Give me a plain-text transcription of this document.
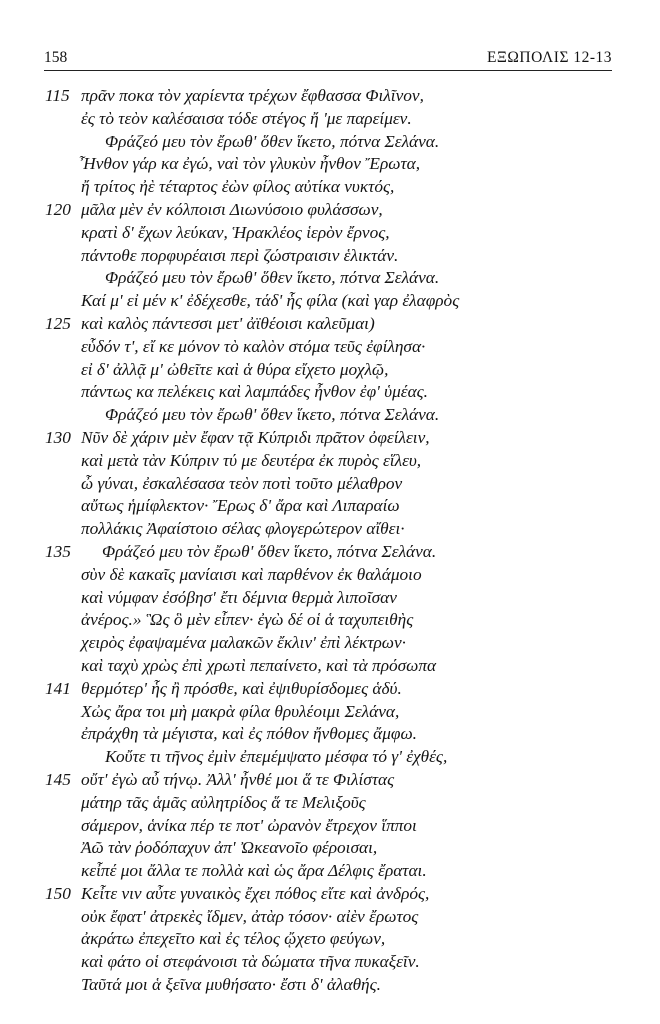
158	ΕΞΩΠΟΛΙΣ 12-13
115 πρᾶν ποκα τὸν χαρίεντα τρέχων ἔφθασσα Φιλῖνον,
ἐς τὸ τεὸν καλέσαισα τόδε στέγος ἤ 'με παρείμεν.
Φράζεό μευ τὸν ἔρωθ' ὅθεν ἵκετο, πότνα Σελάνα.
Ἦνθον γάρ κα ἐγώ, ναὶ τὸν γλυκὺν ἦνθον Ἔρωτα,
ἤ τρίτος ἠὲ τέταρτος ἐὼν φίλος αὐτίκα νυκτός,
120 μᾶλα μὲν ἐν κόλποισι Διωνύσοιο φυλάσσων,
κρατὶ δ' ἔχων λεύκαν, Ἡρακλέος ἱερὸν ἔρνος,
πάντοθε πορφυρέαισι περὶ ζώστραισιν ἑλικτάν.
Φράζεό μευ τὸν ἔρωθ' ὅθεν ἵκετο, πότνα Σελάνα.
Καί μ' εἰ μέν κ' ἐδέχεσθε, τάδ' ἧς φίλα (καὶ γαρ ἐλαφρὸς
125 καὶ καλὸς πάντεσσι μετ' ἀϊθέοισι καλεῦμαι)
εὗδόν τ', εἴ κε μόνον τὸ καλὸν στόμα τεῦς ἐφίλησα·
εἰ δ' ἀλλᾷ μ' ὠθεῖτε καὶ ἁ θύρα εἴχετο μοχλῷ,
πάντως κα πελέκεις καὶ λαμπάδες ἦνθον ἐφ' ὑμέας.
Φράζεό μευ τὸν ἔρωθ' ὅθεν ἵκετο, πότνα Σελάνα.
130 Νῦν δὲ χάριν μὲν ἔφαν τᾷ Κύπριδι πρᾶτον ὀφείλειν,
καὶ μετὰ τὰν Κύπριν τύ με δευτέρα ἐκ πυρὸς εἵλευ,
ὦ γύναι, ἐσκαλέσασα τεὸν ποτὶ τοῦτο μέλαθρον
αὔτως ἡμίφλεκτον· Ἔρως δ' ἄρα καὶ Λιπαραίω
πολλάκις Ἀφαίστοιο σέλας φλογερώτερον αἴθει·
135 Φράζεό μευ τὸν ἔρωθ' ὅθεν ἵκετο, πότνα Σελάνα.
σὺν δὲ κακαῖς μανίαισι καὶ παρθένον ἐκ θαλάμοιο
καὶ νύμφαν ἐσόβησ' ἔτι δέμνια θερμὰ λιποῖσαν
ἀνέρος.» Ὣς ὃ μὲν εἶπεν· ἐγὼ δέ οἱ ἁ ταχυπειθὴς
χειρὸς ἐφαψαμένα μαλακῶν ἔκλιν' ἐπὶ λέκτρων·
καὶ ταχὺ χρὼς ἐπὶ χρωτὶ πεπαίνετο, καὶ τὰ πρόσωπα
141 θερμότερ' ἧς ἢ πρόσθε, καὶ ἐψιθυρίσδομες ἁδύ.
Χὠς ἄρα τοι μὴ μακρὰ φίλα θρυλέοιμι Σελάνα,
ἐπράχθη τὰ μέγιστα, καὶ ἐς πόθον ἤνθομες ἄμφω.
Κοὔτε τι τῆνος ἐμὶν ἐπεμέμψατο μέσφα τό γ' ἐχθές,
145 οὔτ' ἐγὼ αὖ τήνῳ. Ἀλλ' ἦνθέ μοι ἅ τε Φιλίστας
μάτηρ τᾶς ἁμᾶς αὐλητρίδος ἅ τε Μελιξοῦς
σάμερον, ἁνίκα πέρ τε ποτ' ὠρανὸν ἔτρεχον ἵπποι
Ἀῶ τὰν ῥοδόπαχυν ἀπ' Ὠκεανοῖο φέροισαι,
κεἶπέ μοι ἄλλα τε πολλὰ καὶ ὡς ἄρα Δέλφις ἔραται.
150 Κεἶτε νιν αὖτε γυναικὸς ἔχει πόθος εἴτε καὶ ἀνδρός,
οὐκ ἔφατ' ἀτρεκὲς ἴδμεν, ἀτὰρ τόσον· αἰὲν ἔρωτος
ἀκράτω ἐπεχεῖτο καὶ ἐς τέλος ᾤχετο φεύγων,
καὶ φάτο οἱ στεφάνοισι τὰ δώματα τῆνα πυκαξεῖν.
Ταῦτά μοι ἁ ξεῖνα μυθήσατο· ἔστι δ' ἀλαθής.
